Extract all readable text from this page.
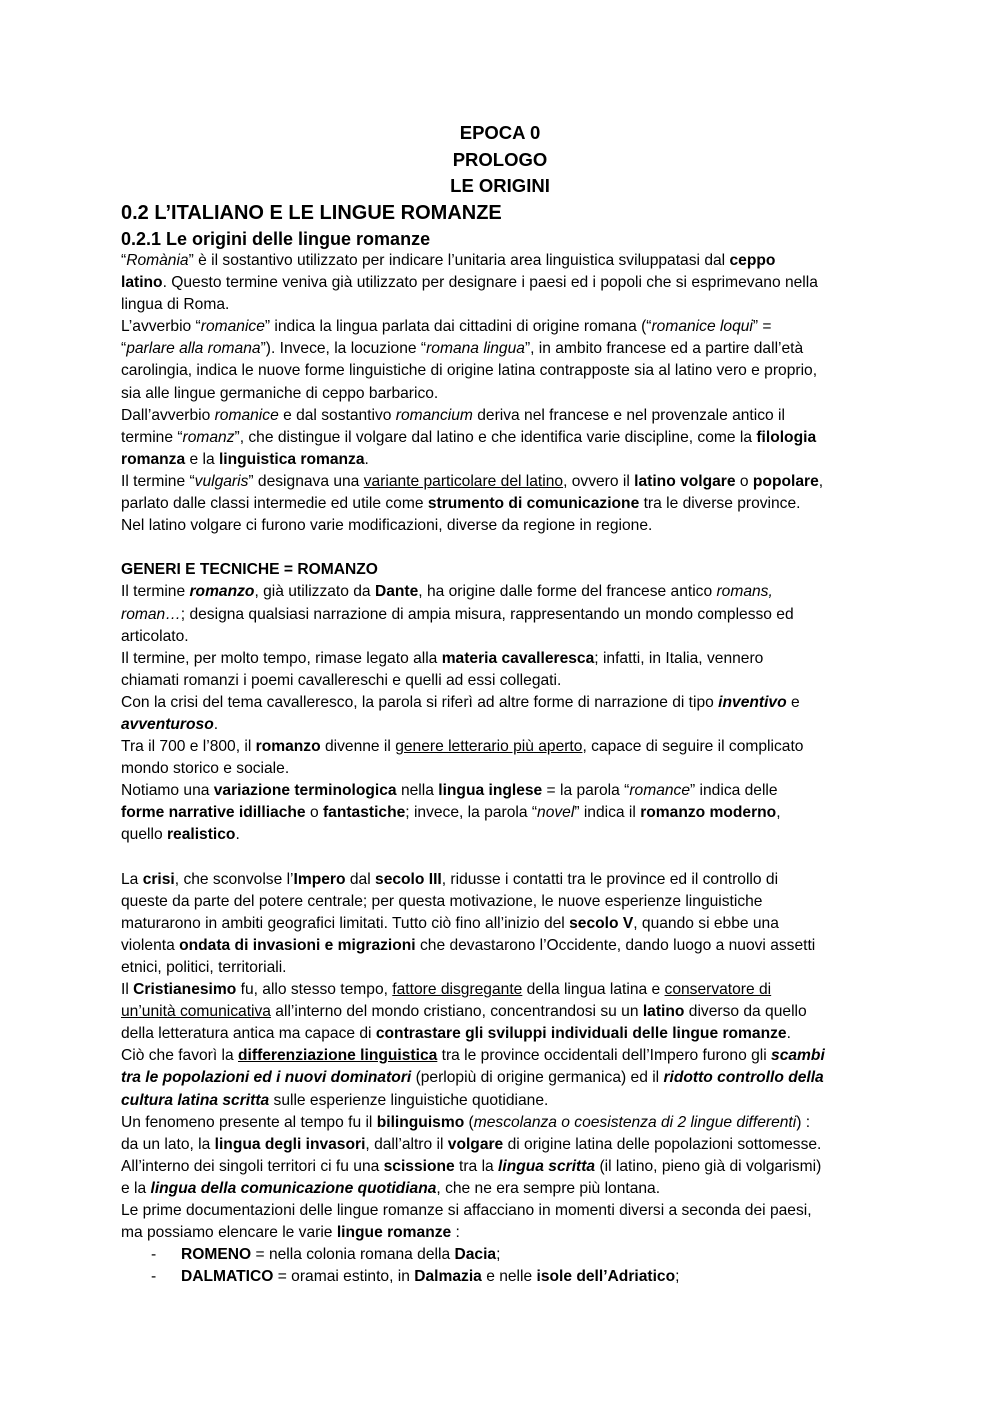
EPOCA 0
PROLOGO
LE ORIGINI
0.2 L’ITALIANO E LE LINGUE ROMANZE
0.2.1 Le origini delle lingue romanze
“Romània” è il sostantivo utilizzato per indicare l’unitaria area linguistica sviluppatasi dal ceppo
latino. Questo termine veniva già utilizzato per designare i paesi ed i popoli che si esprimevano nella
lingua di Roma.
L’avverbio “romanice” indica la lingua parlata dai cittadini di origine romana (“romanice loqui” =
“parlare alla romana”). Invece, la locuzione “romana lingua”, in ambito francese ed a partire dall’età
carolingia, indica le nuove forme linguistiche di origine latina contrapposte sia al latino vero e proprio,
sia alle lingue germaniche di ceppo barbarico.
Dall’avverbio romanice e dal sostantivo romancium deriva nel francese e nel provenzale antico il
termine “romanz”, che distingue il volgare dal latino e che identifica varie discipline, come la filologia
romanza e la linguistica romanza.
Il termine “vulgaris” designava una variante particolare del latino, ovvero il latino volgare o popolare,
parlato dalle classi intermedie ed utile come strumento di comunicazione tra le diverse province.
Nel latino volgare ci furono varie modificazioni, diverse da regione in regione.
GENERI E TECNICHE = ROMANZO
Il termine romanzo, già utilizzato da Dante, ha origine dalle forme del francese antico romans,
roman…; designa qualsiasi narrazione di ampia misura, rappresentando un mondo complesso ed
articolato.
Il termine, per molto tempo, rimase legato alla materia cavalleresca; infatti, in Italia, vennero
chiamati romanzi i poemi cavallereschi e quelli ad essi collegati.
Con la crisi del tema cavalleresco, la parola si riferì ad altre forme di narrazione di tipo inventivo e
avventuroso.
Tra il 700 e l’800, il romanzo divenne il genere letterario più aperto, capace di seguire il complicato
mondo storico e sociale.
Notiamo una variazione terminologica nella lingua inglese = la parola “romance” indica delle
forme narrative idilliache o fantastiche; invece, la parola “novel” indica il romanzo moderno,
quello realistico.
La crisi, che sconvolse l’Impero dal secolo III, ridusse i contatti tra le province ed il controllo di
queste da parte del potere centrale; per questa motivazione, le nuove esperienze linguistiche
maturarono in ambiti geografici limitati. Tutto ciò fino all’inizio del secolo V, quando si ebbe una
violenta ondata di invasioni e migrazioni che devastarono l’Occidente, dando luogo a nuovi assetti
etnici, politici, territoriali.
Il Cristianesimo fu, allo stesso tempo, fattore disgregante della lingua latina e conservatore di
un’unità comunicativa all’interno del mondo cristiano, concentrandosi su un latino diverso da quello
della letteratura antica ma capace di contrastare gli sviluppi individuali delle lingue romanze.
Ciò che favorì la differenziazione linguistica tra le province occidentali dell’Impero furono gli scambi
tra le popolazioni ed i nuovi dominatori (perlopiù di origine germanica) ed il ridotto controllo della
cultura latina scritta sulle esperienze linguistiche quotidiane.
Un fenomeno presente al tempo fu il bilinguismo (mescolanza o coesistenza di 2 lingue differenti) :
da un lato, la lingua degli invasori, dall’altro il volgare di origine latina delle popolazioni sottomesse.
All’interno dei singoli territori ci fu una scissione tra la lingua scritta (il latino, pieno già di volgarismi)
e la lingua della comunicazione quotidiana, che ne era sempre più lontana.
Le prime documentazioni delle lingue romanze si affacciano in momenti diversi a seconda dei paesi,
ma possiamo elencare le varie lingue romanze :
- ROMENO = nella colonia romana della Dacia;
- DALMATICO = oramai estinto, in Dalmazia e nelle isole dell’Adriatico;
